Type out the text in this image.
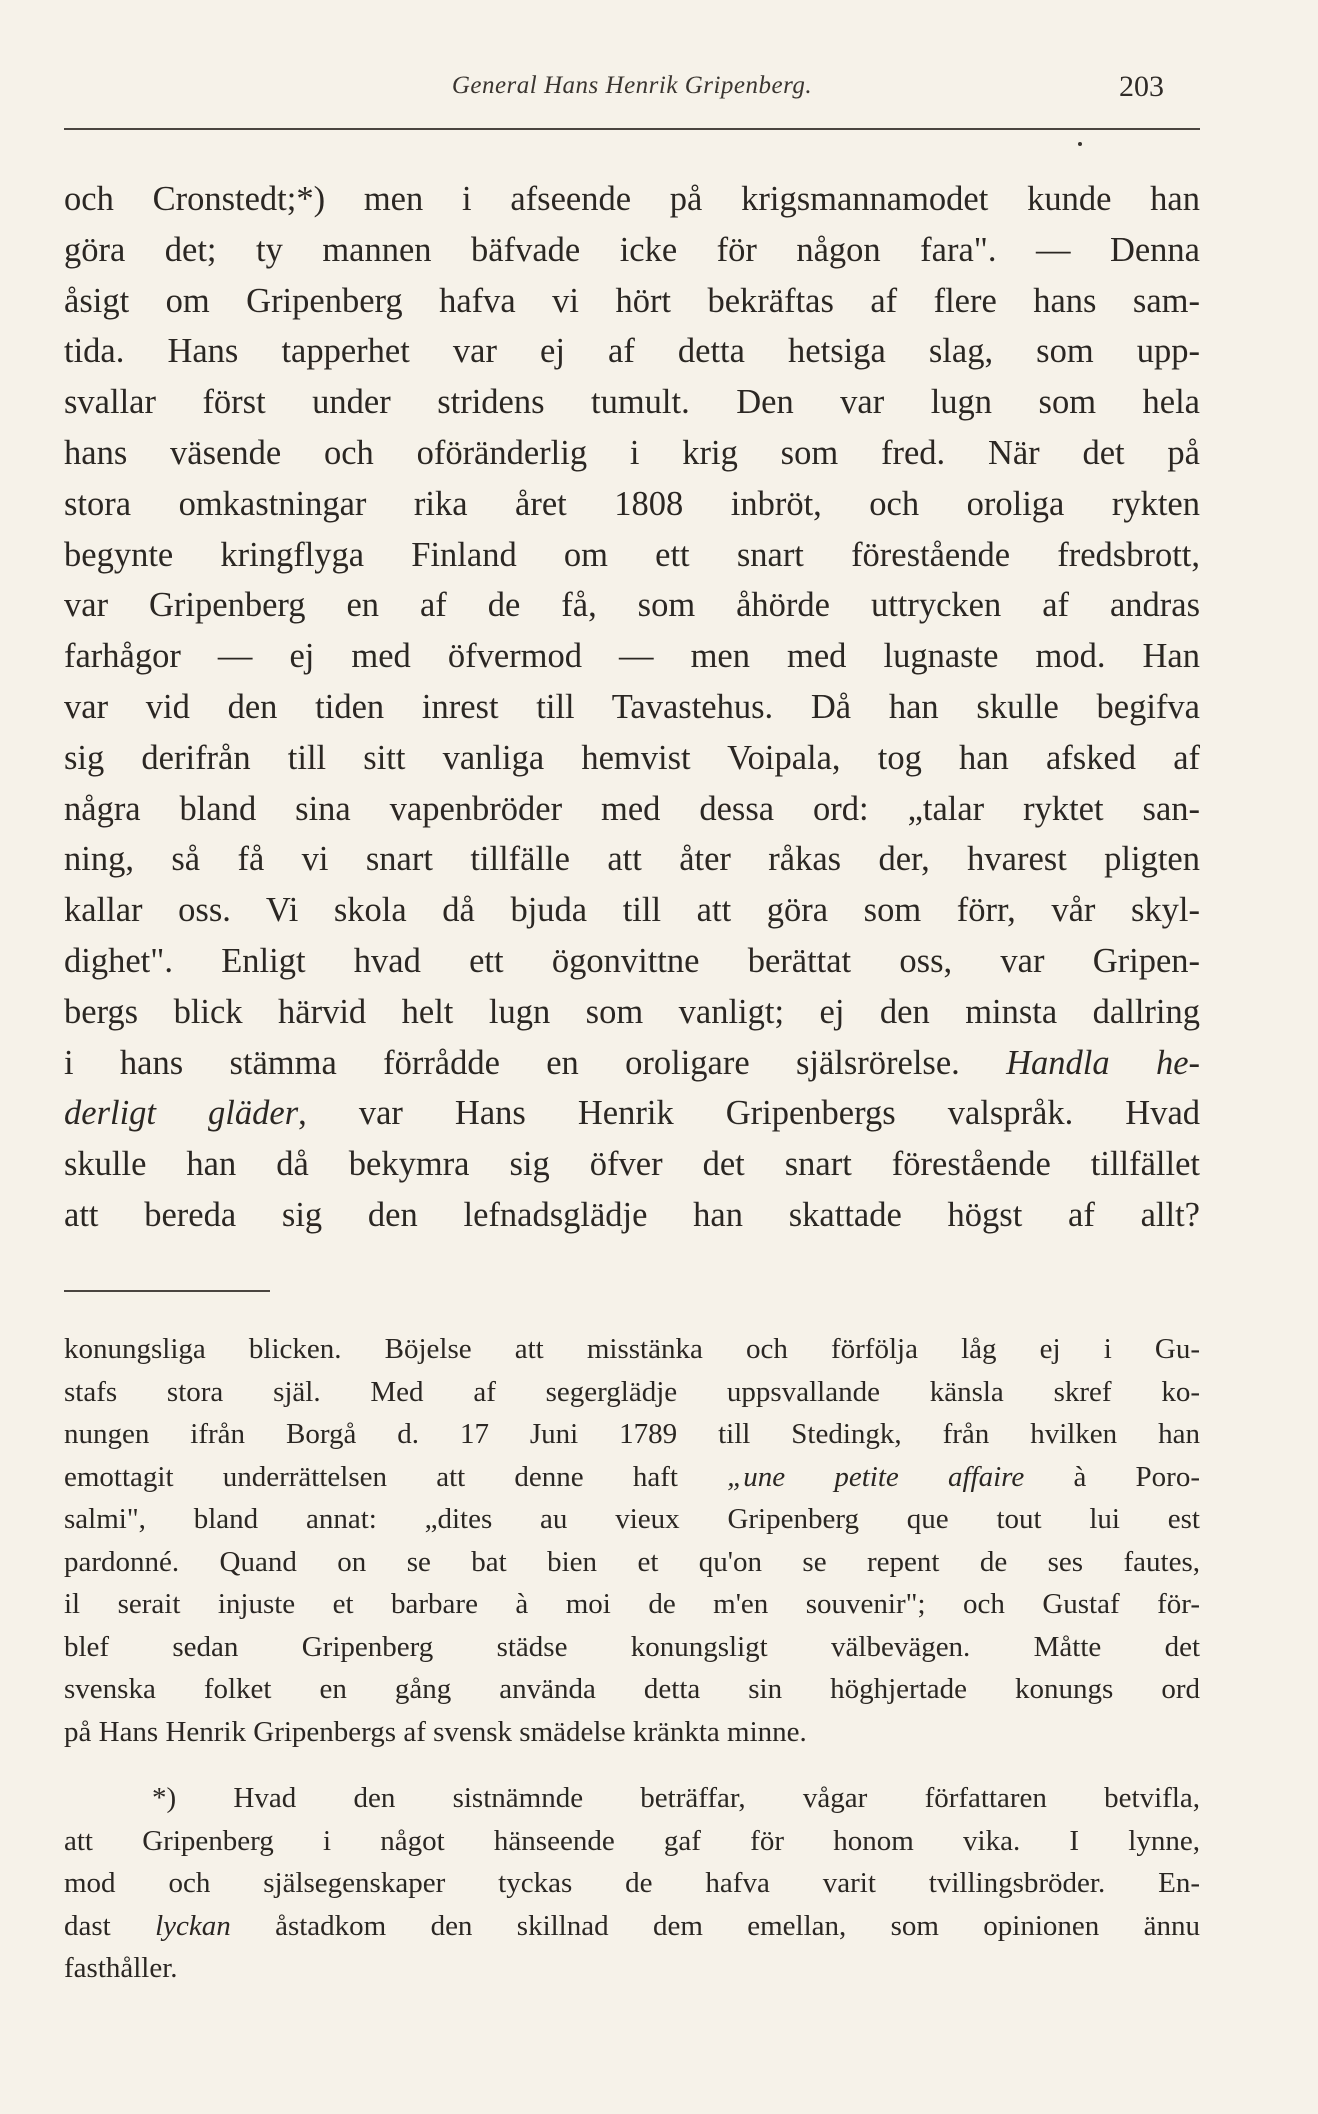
General Hans Henrik Gripenberg.	203
och Cronstedt;*) men i afseende på krigsmannamodet kunde han
göra det; ty mannen bäfvade icke för någon fara". — Denna
åsigt om Gripenberg hafva vi hört bekräftas af flere hans sam-
tida. Hans tapperhet var ej af detta hetsiga slag, som upp-
svallar först under stridens tumult. Den var lugn som hela
hans väsende och oföränderlig i krig som fred. När det på
stora omkastningar rika året 1808 inbröt, och oroliga rykten
begynte kringflyga Finland om ett snart förestående fredsbrott,
var Gripenberg en af de få, som åhörde uttrycken af andras
farhågor — ej med öfvermod — men med lugnaste mod. Han
var vid den tiden inrest till Tavastehus. Då han skulle begifva
sig derifrån till sitt vanliga hemvist Voipala, tog han afsked af
några bland sina vapenbröder med dessa ord: „talar ryktet san-
ning, så få vi snart tillfälle att åter råkas der, hvarest pligten
kallar oss. Vi skola då bjuda till att göra som förr, vår skyl-
dighet". Enligt hvad ett ögonvittne berättat oss, var Gripen-
bergs blick härvid helt lugn som vanligt; ej den minsta dallring
i hans stämma förrådde en oroligare själsrörelse. Handla he-
derligt gläder, var Hans Henrik Gripenbergs valspråk. Hvad
skulle han då bekymra sig öfver det snart förestående tillfället
att bereda sig den lefnadsglädje han skattade högst af allt?
konungsliga blicken. Böjelse att misstänka och förfölja låg ej i Gu-
stafs stora själ. Med af segerglädje uppsvallande känsla skref ko-
nungen ifrån Borgå d. 17 Juni 1789 till Stedingk, från hvilken han
emottagit underrättelsen att denne haft „une petite affaire à Poro-
salmi", bland annat: „dites au vieux Gripenberg que tout lui est
pardonné. Quand on se bat bien et qu'on se repent de ses fautes,
il serait injuste et barbare à moi de m'en souvenir"; och Gustaf för-
blef sedan Gripenberg städse konungsligt välbevägen. Måtte det
svenska folket en gång använda detta sin höghjertade konungs ord
på Hans Henrik Gripenbergs af svensk smädelse kränkta minne.
*) Hvad den sistnämnde beträffar, vågar författaren betvifla,
att Gripenberg i något hänseende gaf för honom vika. I lynne,
mod och själsegenskaper tyckas de hafva varit tvillingsbröder. En-
dast lyckan åstadkom den skillnad dem emellan, som opinionen ännu
fasthåller.
